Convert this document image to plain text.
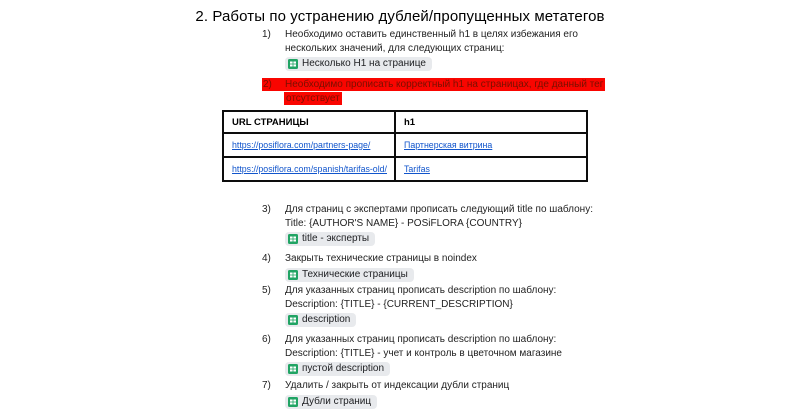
2. Работы по устранению дублей/пропущенных метатегов
1)	Необходимо оставить единственный h1 в целях избежания его
нескольких значений, для следующих страниц:
Несколько H1 на странице
2) Необходимо прописать корректный h1 на страницах, где данный тег
отсутствует
URL СТРАНИЦЫ	h1
https://posiflora.com/partners-page/	Партнерская витрина
https://posiflora.com/spanish/tarifas-old/	Tarifas
3)	Для страниц с экспертами прописать следующий title по шаблону:
Title: {AUTHOR'S NAME} - POSiFLORA {COUNTRY}
title - эксперты
4)	Закрыть технические страницы в noindex
Технические страницы
5)	Для указанных страниц прописать description по шаблону:
Description: {TITLE} - {CURRENT_DESCRIPTION}
description
6)	Для указанных страниц прописать description по шаблону:
Description: {TITLE} - учет и контроль в цветочном магазине
пустой description
7)	Удалить / закрыть от индексации дубли страниц
Дубли страниц
